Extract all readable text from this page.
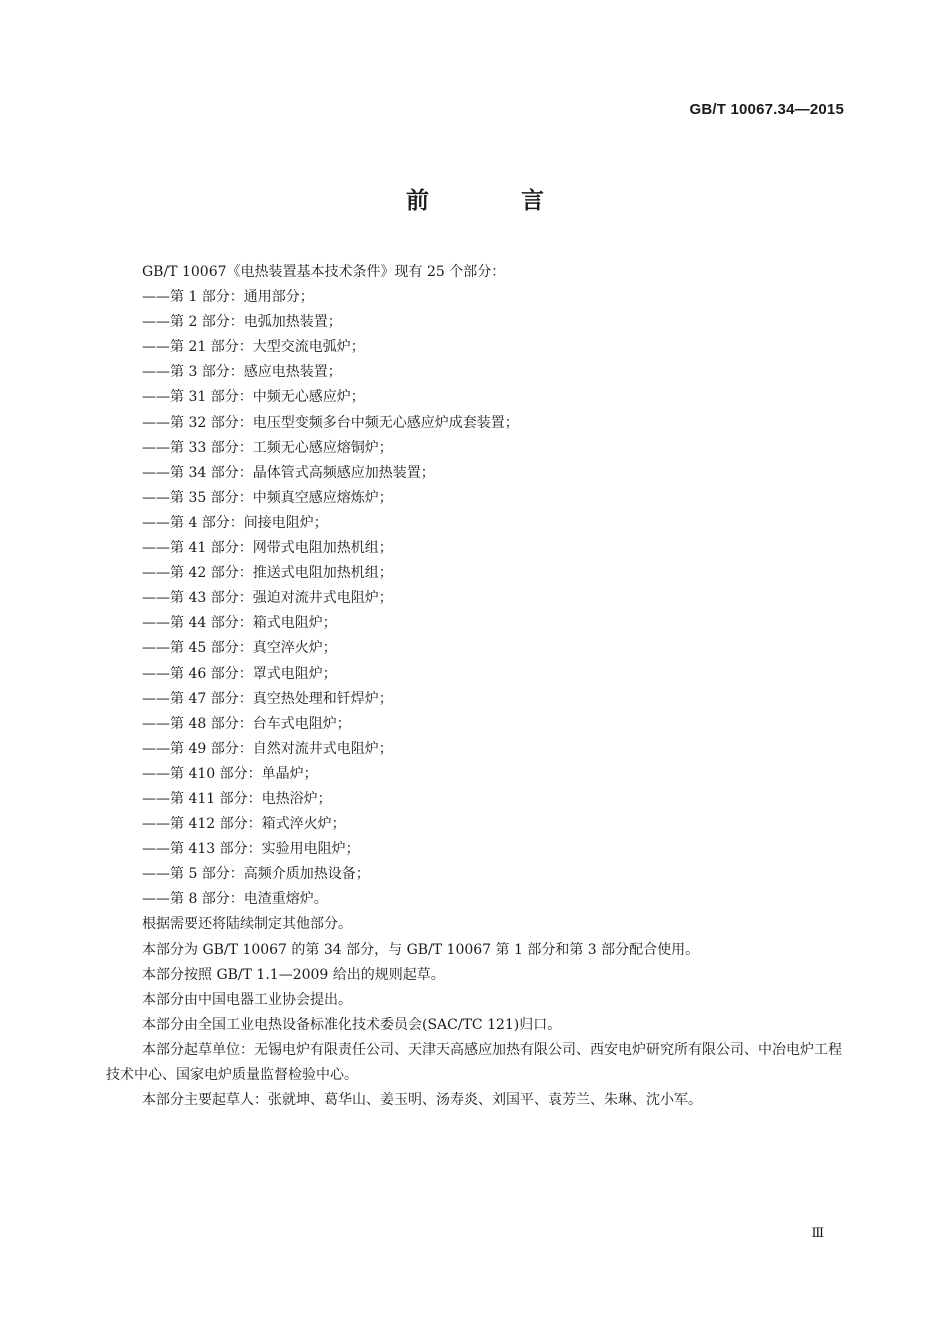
GB/T 10067.34—2015
前 言

GB/T 10067《电热装置基本技术条件》现有 25 个部分：

——第 1 部分：通用部分；

——第 2 部分：电弧加热装置；

——第 21 部分：大型交流电弧炉；

——第 3 部分：感应电热装置；

——第 31 部分：中频无心感应炉；

——第 32 部分：电压型变频多台中频无心感应炉成套装置；

——第 33 部分：工频无心感应熔铜炉；

——第 34 部分：晶体管式高频感应加热装置；

——第 35 部分：中频真空感应熔炼炉；

——第 4 部分：间接电阻炉；

——第 41 部分：网带式电阻加热机组；

——第 42 部分：推送式电阻加热机组；

——第 43 部分：强迫对流井式电阻炉；

——第 44 部分：箱式电阻炉；

——第 45 部分：真空淬火炉；

——第 46 部分：罩式电阻炉；

——第 47 部分：真空热处理和钎焊炉；

——第 48 部分：台车式电阻炉；

——第 49 部分：自然对流井式电阻炉；

——第 410 部分：单晶炉；

——第 411 部分：电热浴炉；

——第 412 部分：箱式淬火炉；

——第 413 部分：实验用电阻炉；

——第 5 部分：高频介质加热设备；

——第 8 部分：电渣重熔炉。

根据需要还将陆续制定其他部分。

本部分为 GB/T 10067 的第 34 部分，与 GB/T 10067 第 1 部分和第 3 部分配合使用。

本部分按照 GB/T 1.1—2009 给出的规则起草。

本部分由中国电器工业协会提出。

本部分由全国工业电热设备标准化技术委员会(SAC/TC 121)归口。

本部分起草单位：无锡电炉有限责任公司、天津天高感应加热有限公司、西安电炉研究所有限公司、中冶电炉工程技术中心、国家电炉质量监督检验中心。

本部分主要起草人：张就坤、葛华山、姜玉明、汤寿炎、刘国平、袁芳兰、朱琳、沈小军。

Ⅲ
